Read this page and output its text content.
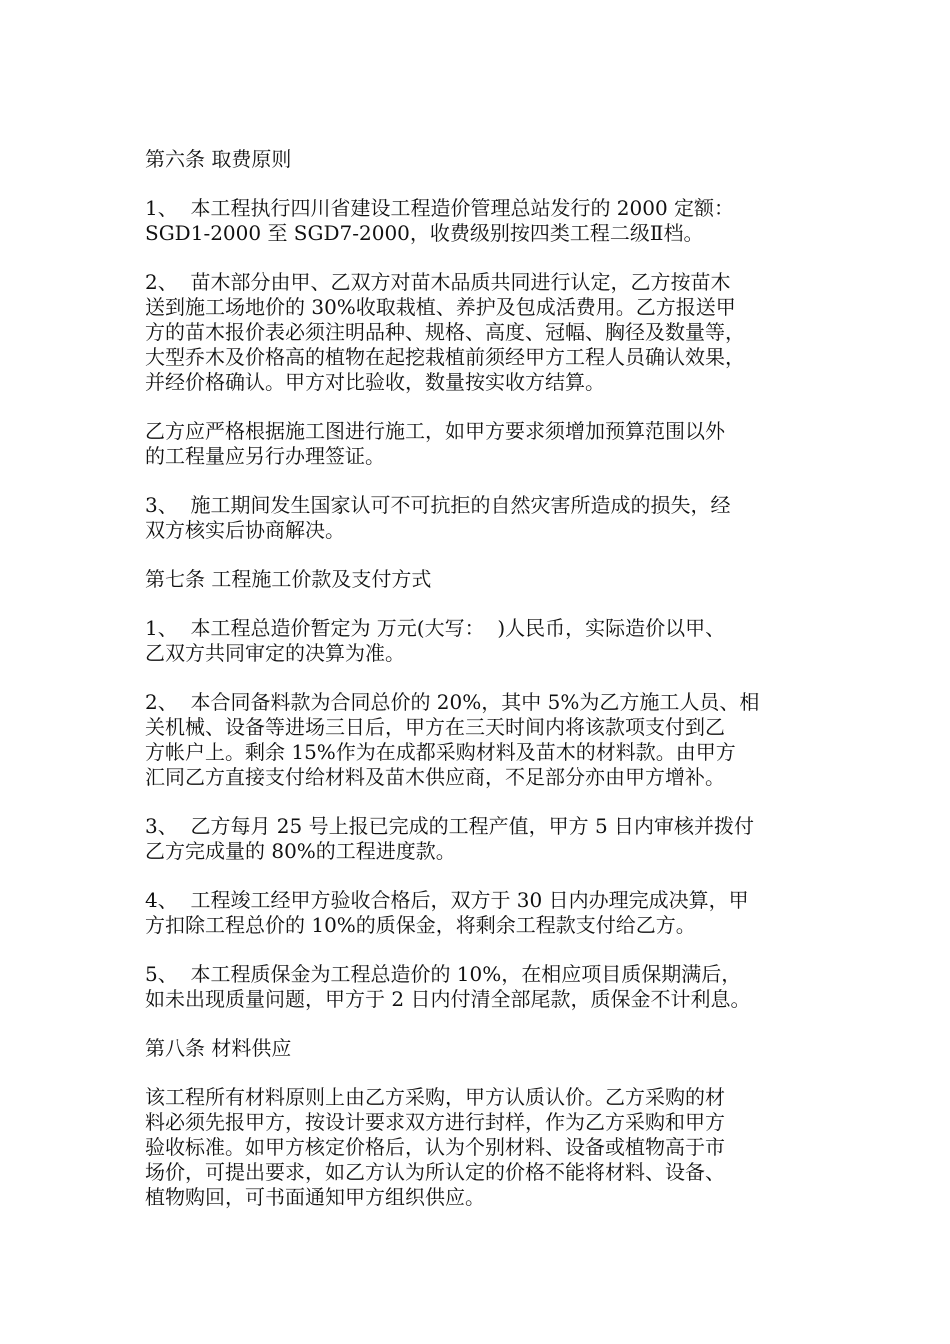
第六条 取费原则
1、  本工程执行四川省建设工程造价管理总站发行的 2000 定额：
SGD1-2000 至 SGD7-2000，收费级别按四类工程二级Ⅱ档。
2、  苗木部分由甲、乙双方对苗木品质共同进行认定，乙方按苗木
送到施工场地价的 30%收取栽植、养护及包成活费用。乙方报送甲
方的苗木报价表必须注明品种、规格、高度、冠幅、胸径及数量等，
大型乔木及价格高的植物在起挖栽植前须经甲方工程人员确认效果，
并经价格确认。甲方对比验收，数量按实收方结算。
乙方应严格根据施工图进行施工，如甲方要求须增加预算范围以外
的工程量应另行办理签证。
3、  施工期间发生国家认可不可抗拒的自然灾害所造成的损失，经
双方核实后协商解决。
第七条 工程施工价款及支付方式
1、  本工程总造价暂定为 万元(大写：  )人民币，实际造价以甲、
乙双方共同审定的决算为准。
2、  本合同备料款为合同总价的 20%，其中 5%为乙方施工人员、相
关机械、设备等进场三日后，甲方在三天时间内将该款项支付到乙
方帐户上。剩余 15%作为在成都采购材料及苗木的材料款。由甲方
汇同乙方直接支付给材料及苗木供应商，不足部分亦由甲方增补。
3、  乙方每月 25 号上报已完成的工程产值，甲方 5 日内审核并拨付
乙方完成量的 80%的工程进度款。
4、  工程竣工经甲方验收合格后，双方于 30 日内办理完成决算，甲
方扣除工程总价的 10%的质保金，将剩余工程款支付给乙方。
5、  本工程质保金为工程总造价的 10%，在相应项目质保期满后，
如未出现质量问题，甲方于 2 日内付清全部尾款，质保金不计利息。
第八条 材料供应
该工程所有材料原则上由乙方采购，甲方认质认价。乙方采购的材
料必须先报甲方，按设计要求双方进行封样，作为乙方采购和甲方
验收标准。如甲方核定价格后，认为个别材料、设备或植物高于市
场价，可提出要求，如乙方认为所认定的价格不能将材料、设备、
植物购回，可书面通知甲方组织供应。
